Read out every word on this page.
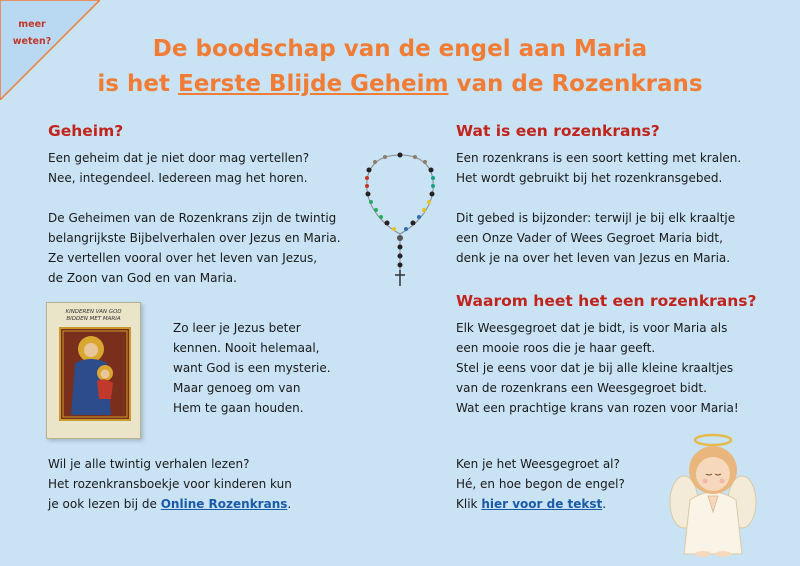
meer
weten?	De boodschap van de engel aan Maria
is het Eerste Blijde Geheim van de Rozenkrans
Geheim?

Een geheim dat je niet door mag vertellen?
Nee, integendeel. Iedereen mag het horen.

De Geheimen van de Rozenkrans zijn de twintig
belangrijkste Bijbelverhalen over Jezus en Maria.
Ze vertellen vooral over het leven van Jezus,
de Zoon van God en van Maria.

KINDEREN VAN GOD
BIDDEN MET MARIA

Zo leer je Jezus beter
kennen. Nooit helemaal,
want God is een mysterie.
Maar genoeg om van
Hem te gaan houden.

Wil je alle twintig verhalen lezen?
Het rozenkransboekje voor kinderen kun
je ook lezen bij de Online Rozenkrans.

Wat is een rozenkrans?

Een rozenkrans is een soort ketting met kralen.
Het wordt gebruikt bij het rozenkransgebed.

Dit gebed is bijzonder: terwijl je bij elk kraaltje
een Onze Vader of Wees Gegroet Maria bidt,
denk je na over het leven van Jezus en Maria.

Waarom heet het een rozenkrans?

Elk Weesgegroet dat je bidt, is voor Maria als
een mooie roos die je haar geeft.
Stel je eens voor dat je bij alle kleine kraaltjes
van de rozenkrans een Weesgegroet bidt.
Wat een prachtige krans van rozen voor Maria!

Ken je het Weesgegroet al?
Hé, en hoe begon de engel?
Klik hier voor de tekst.
